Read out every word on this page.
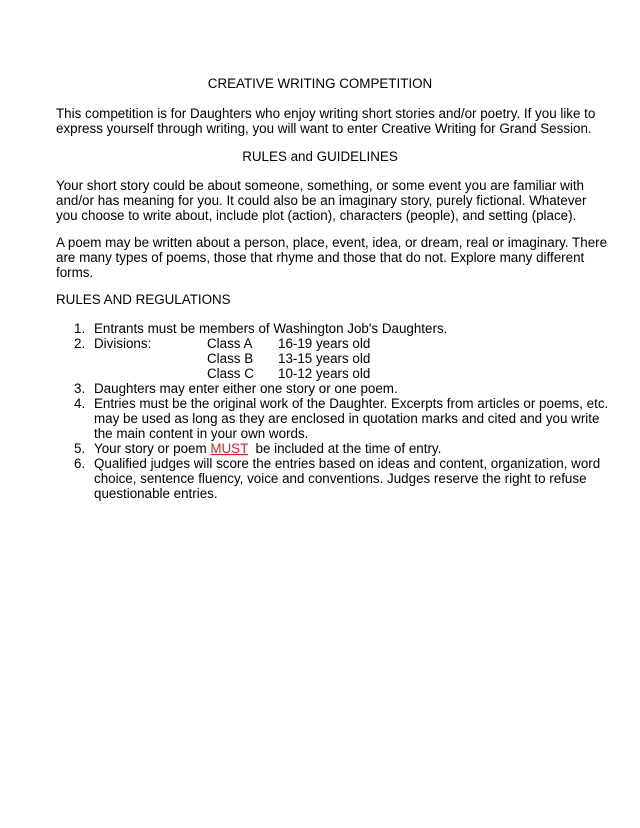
CREATIVE WRITING COMPETITION
This competition is for Daughters who enjoy writing short stories and/or poetry. If you like to
express yourself through writing, you will want to enter Creative Writing for Grand Session.
RULES and GUIDELINES
Your short story could be about someone, something, or some event you are familiar with
and/or has meaning for you. It could also be an imaginary story, purely fictional. Whatever
you choose to write about, include plot (action), characters (people), and setting (place).
A poem may be written about a person, place, event, idea, or dream, real or imaginary. There
are many types of poems, those that rhyme and those that do not. Explore many different
forms.
RULES AND REGULATIONS
1. Entrants must be members of Washington Job's Daughters.
2. Divisions:	Class A 16-19 years old
Class B 13-15 years old
Class C 10-12 years old
3. Daughters may enter either one story or one poem.
4. Entries must be the original work of the Daughter. Excerpts from articles or poems, etc.
may be used as long as they are enclosed in quotation marks and cited and you write
the main content in your own words.
5. Your story or poem MUST  be included at the time of entry.
6. Qualified judges will score the entries based on ideas and content, organization, word
choice, sentence fluency, voice and conventions. Judges reserve the right to refuse
questionable entries.
